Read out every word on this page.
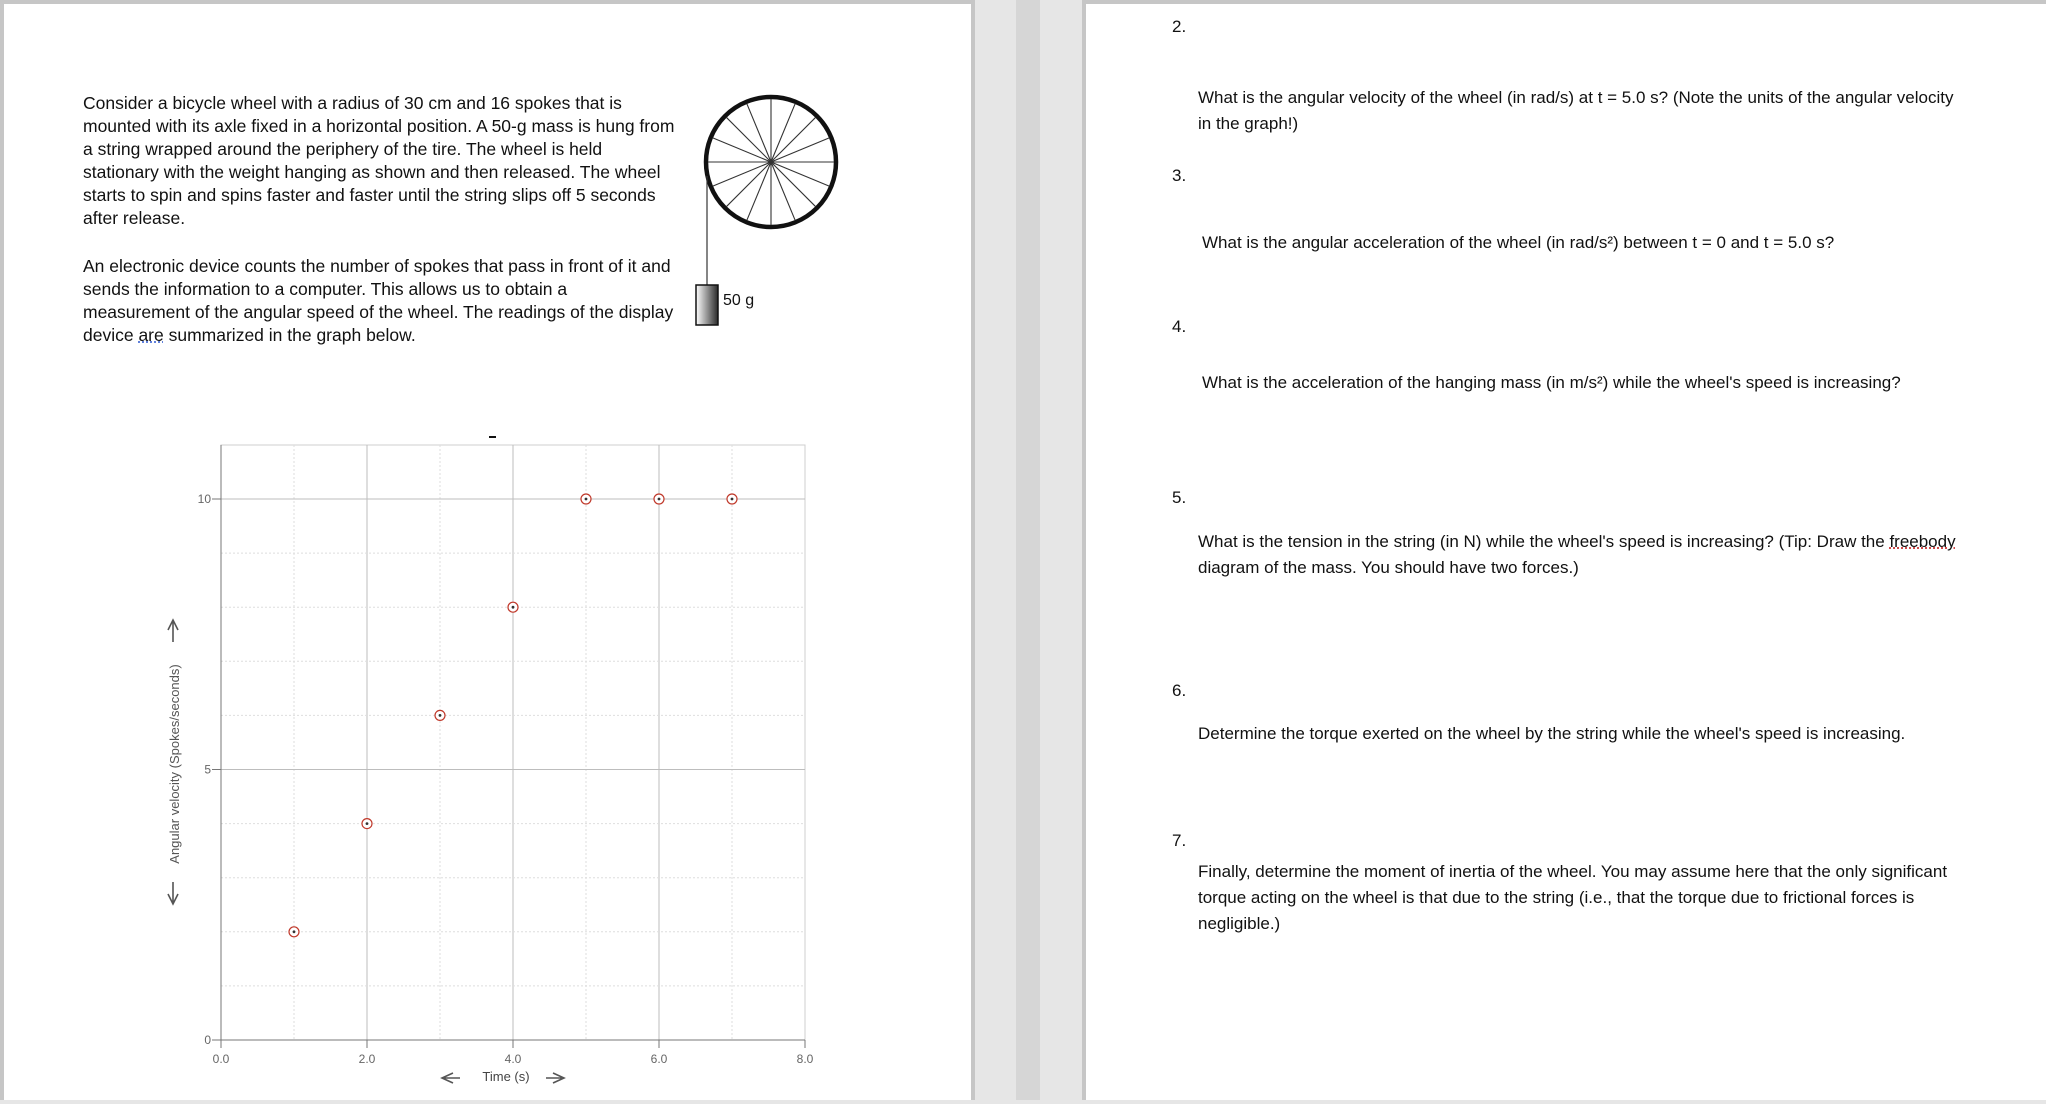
Consider a bicycle wheel with a radius of 30 cm and 16 spokes that is
mounted with its axle fixed in a horizontal position. A 50-g mass is hung from
a string wrapped around the periphery of the tire. The wheel is held
stationary with the weight hanging as shown and then released. The wheel
starts to spin and spins faster and faster until the string slips off 5 seconds
after release.
An electronic device counts the number of spokes that pass in front of it and
sends the information to a computer. This allows us to obtain a
measurement of the angular speed of the wheel. The readings of the display
device are summarized in the graph below.
50 g
0.0	2.0	4.0	6.0	8.0
0
5
10
Time (s)
Angular velocity (Spokes/seconds)
2.
What is the angular velocity of the wheel (in rad/s) at t = 5.0 s? (Note the units of the angular velocity
in the graph!)
3.
What is the angular acceleration of the wheel (in rad/s²) between t = 0 and t = 5.0 s?
4.
What is the acceleration of the hanging mass (in m/s²) while the wheel's speed is increasing?
5.
What is the tension in the string (in N) while the wheel's speed is increasing? (Tip: Draw the freebody
diagram of the mass. You should have two forces.)
6.
Determine the torque exerted on the wheel by the string while the wheel's speed is increasing.
7.
Finally, determine the moment of inertia of the wheel. You may assume here that the only significant
torque acting on the wheel is that due to the string (i.e., that the torque due to frictional forces is
negligible.)
